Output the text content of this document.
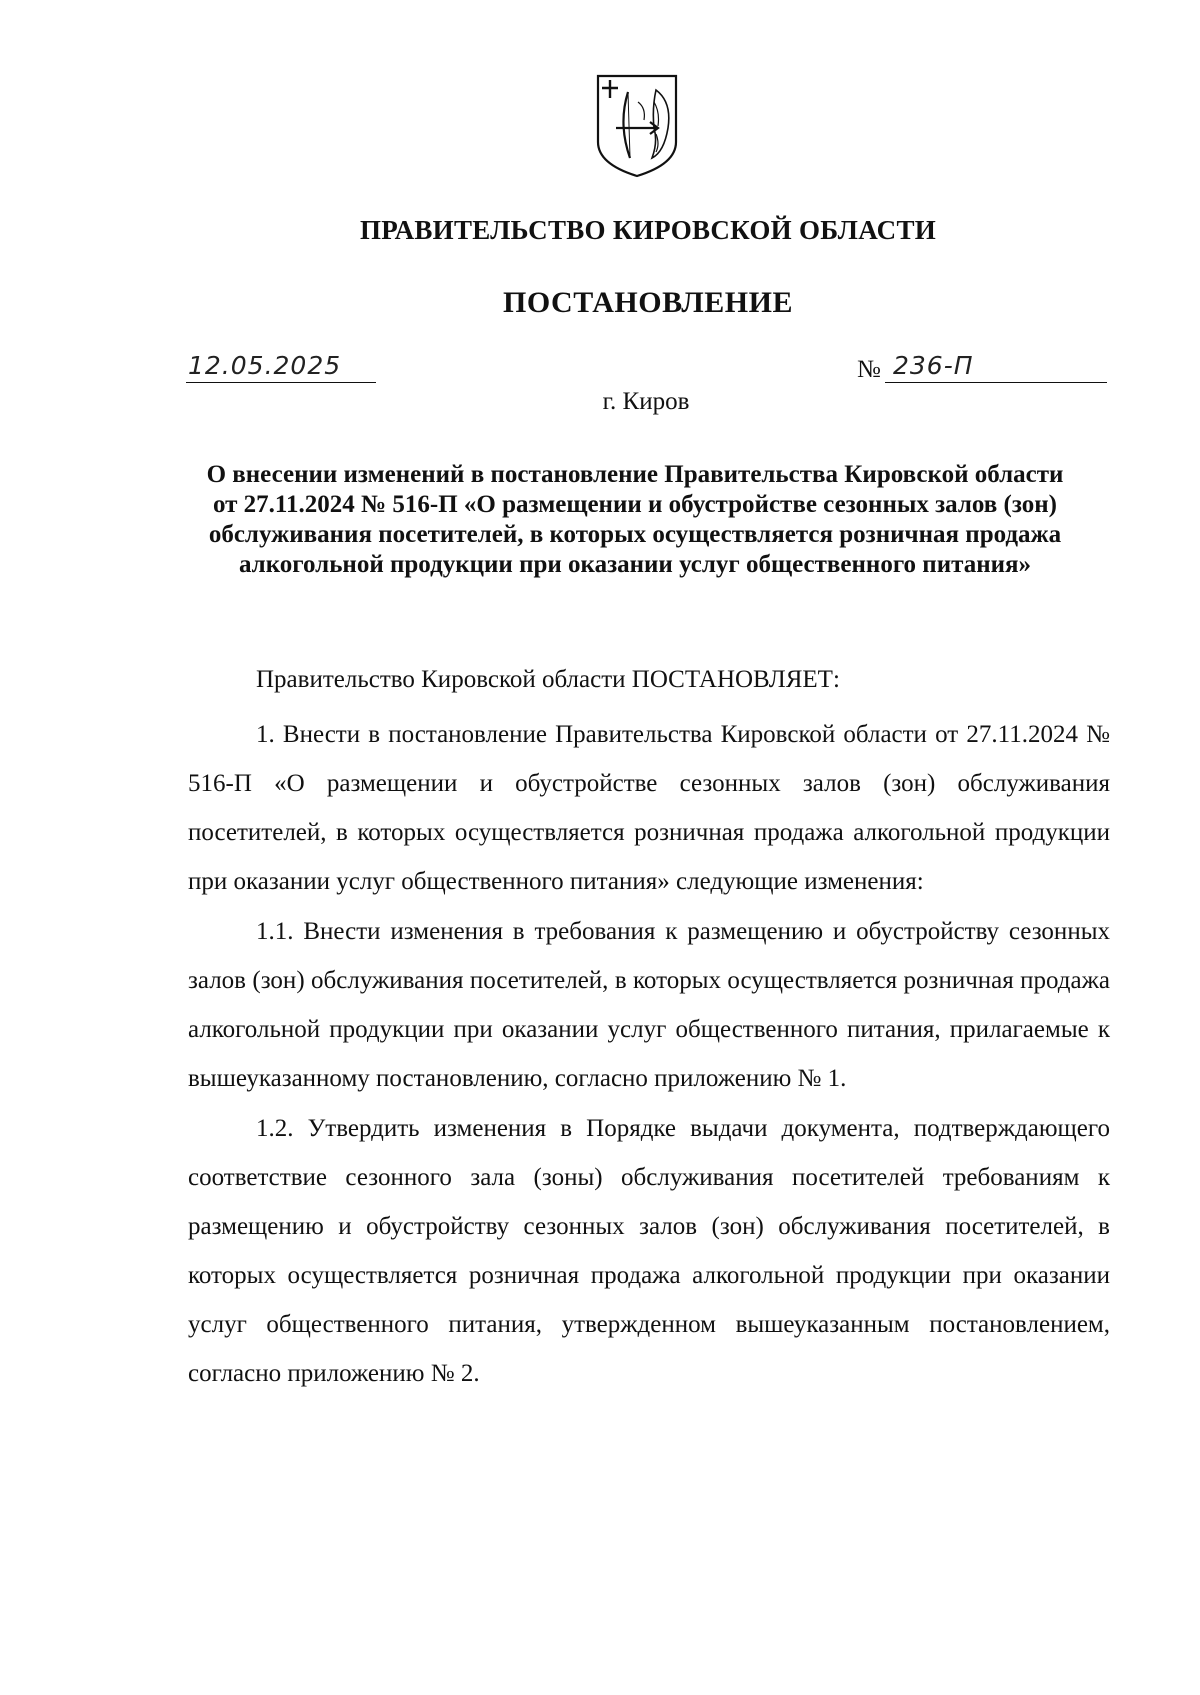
ПРАВИТЕЛЬСТВО КИРОВСКОЙ ОБЛАСТИ
ПОСТАНОВЛЕНИЕ
12.05.2025	№ 236-П
г. Киров
О внесении изменений в постановление Правительства Кировской области от 27.11.2024 № 516-П «О размещении и обустройстве сезонных залов (зон) обслуживания посетителей, в которых осуществляется розничная продажа алкогольной продукции при оказании услуг общественного питания»
Правительство Кировской области ПОСТАНОВЛЯЕТ:

1. Внести в постановление Правительства Кировской области от 27.11.2024 № 516-П «О размещении и обустройстве сезонных залов (зон) обслуживания посетителей, в которых осуществляется розничная продажа алкогольной продукции при оказании услуг общественного питания» следующие изменения:

1.1. Внести изменения в требования к размещению и обустройству сезонных залов (зон) обслуживания посетителей, в которых осуществляется розничная продажа алкогольной продукции при оказании услуг общественного питания, прилагаемые к вышеуказанному постановлению, согласно приложению № 1.

1.2. Утвердить изменения в Порядке выдачи документа, подтверждающего соответствие сезонного зала (зоны) обслуживания посетителей требованиям к размещению и обустройству сезонных залов (зон) обслуживания посетителей, в которых осуществляется розничная продажа алкогольной продукции при оказании услуг общественного питания, утвержденном вышеуказанным постановлением, согласно приложению № 2.
